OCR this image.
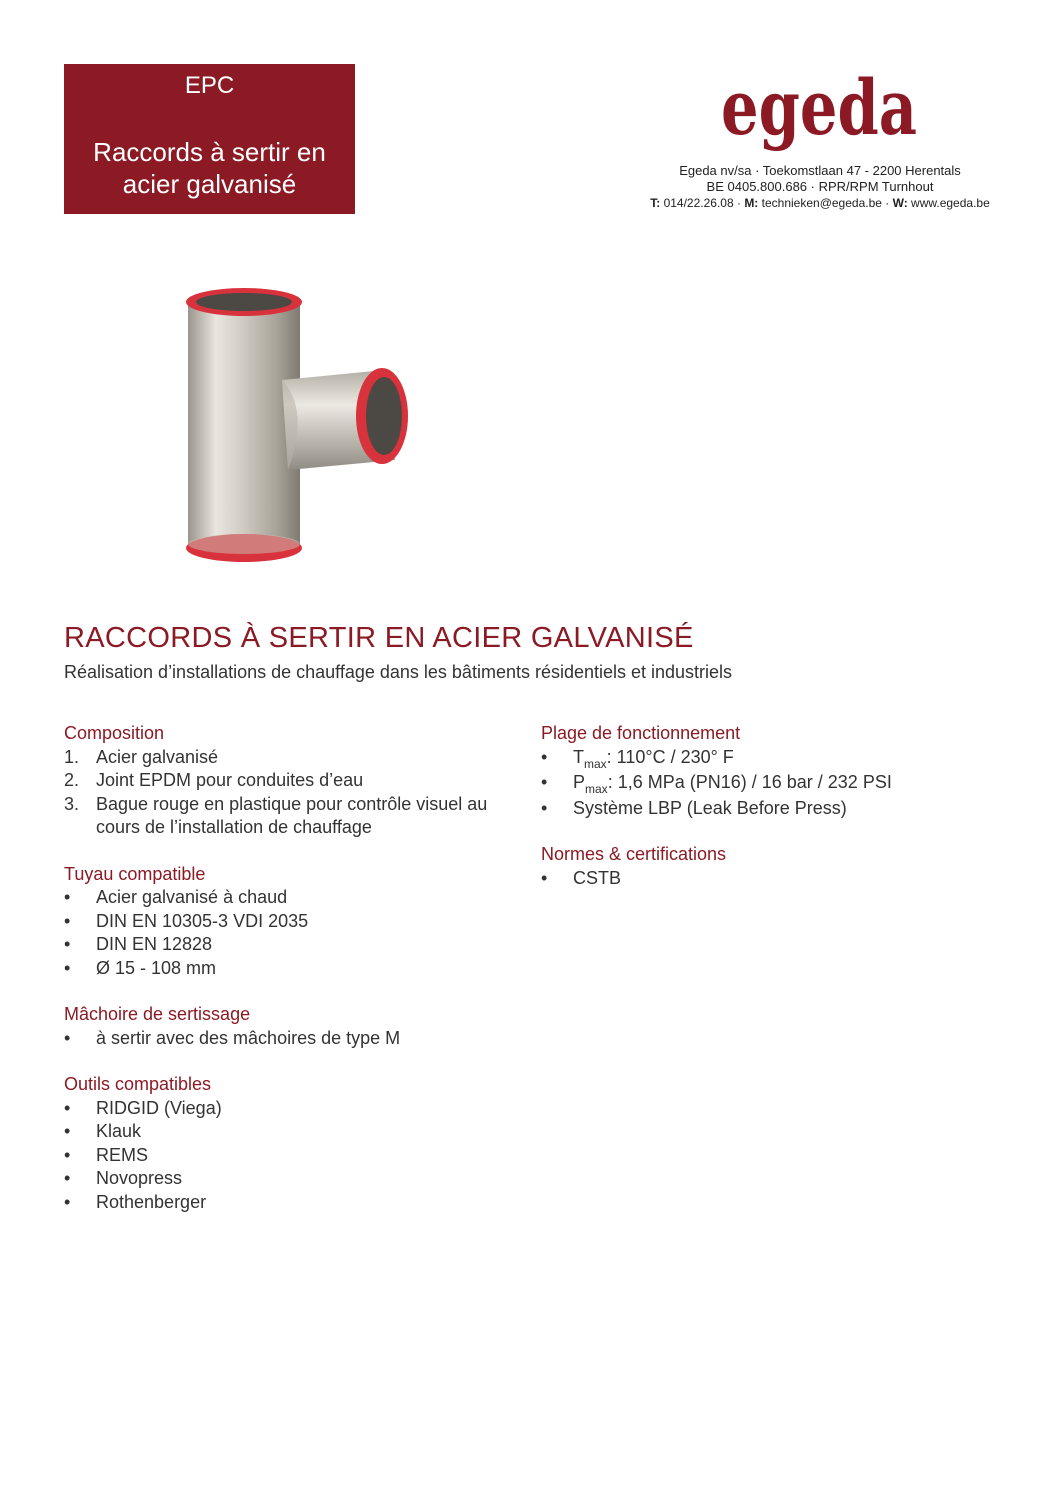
EPC
Raccords à sertir en
acier galvanisé
egeda
Egeda nv/sa · Toekomstlaan 47 - 2200 Herentals
BE 0405.800.686 · RPR/RPM Turnhout
T: 014/22.26.08 · M: technieken@egeda.be · W: www.egeda.be
RACCORDS À SERTIR EN ACIER GALVANISÉ

Réalisation d’installations de chauffage dans les bâtiments résidentiels et industriels

Composition
1. Acier galvanisé
2. Joint EPDM pour conduites d’eau
3. Bague rouge en plastique pour contrôle visuel au cours de l’installation de chauffage
Tuyau compatible
• Acier galvanisé à chaud
• DIN EN 10305-3 VDI 2035
• DIN EN 12828
• Ø 15 - 108 mm
Mâchoire de sertissage
• à sertir avec des mâchoires de type M
Outils compatibles
• RIDGID (Viega)
• Klauk
• REMS
• Novopress
• Rothenberger
Plage de fonctionnement
• $T_{max}$: 110°C / 230° F
• $P_{max}$: 1,6 MPa (PN16) / 16 bar / 232 PSI
• Système LBP (Leak Before Press)
Normes & certifications
• CSTB
